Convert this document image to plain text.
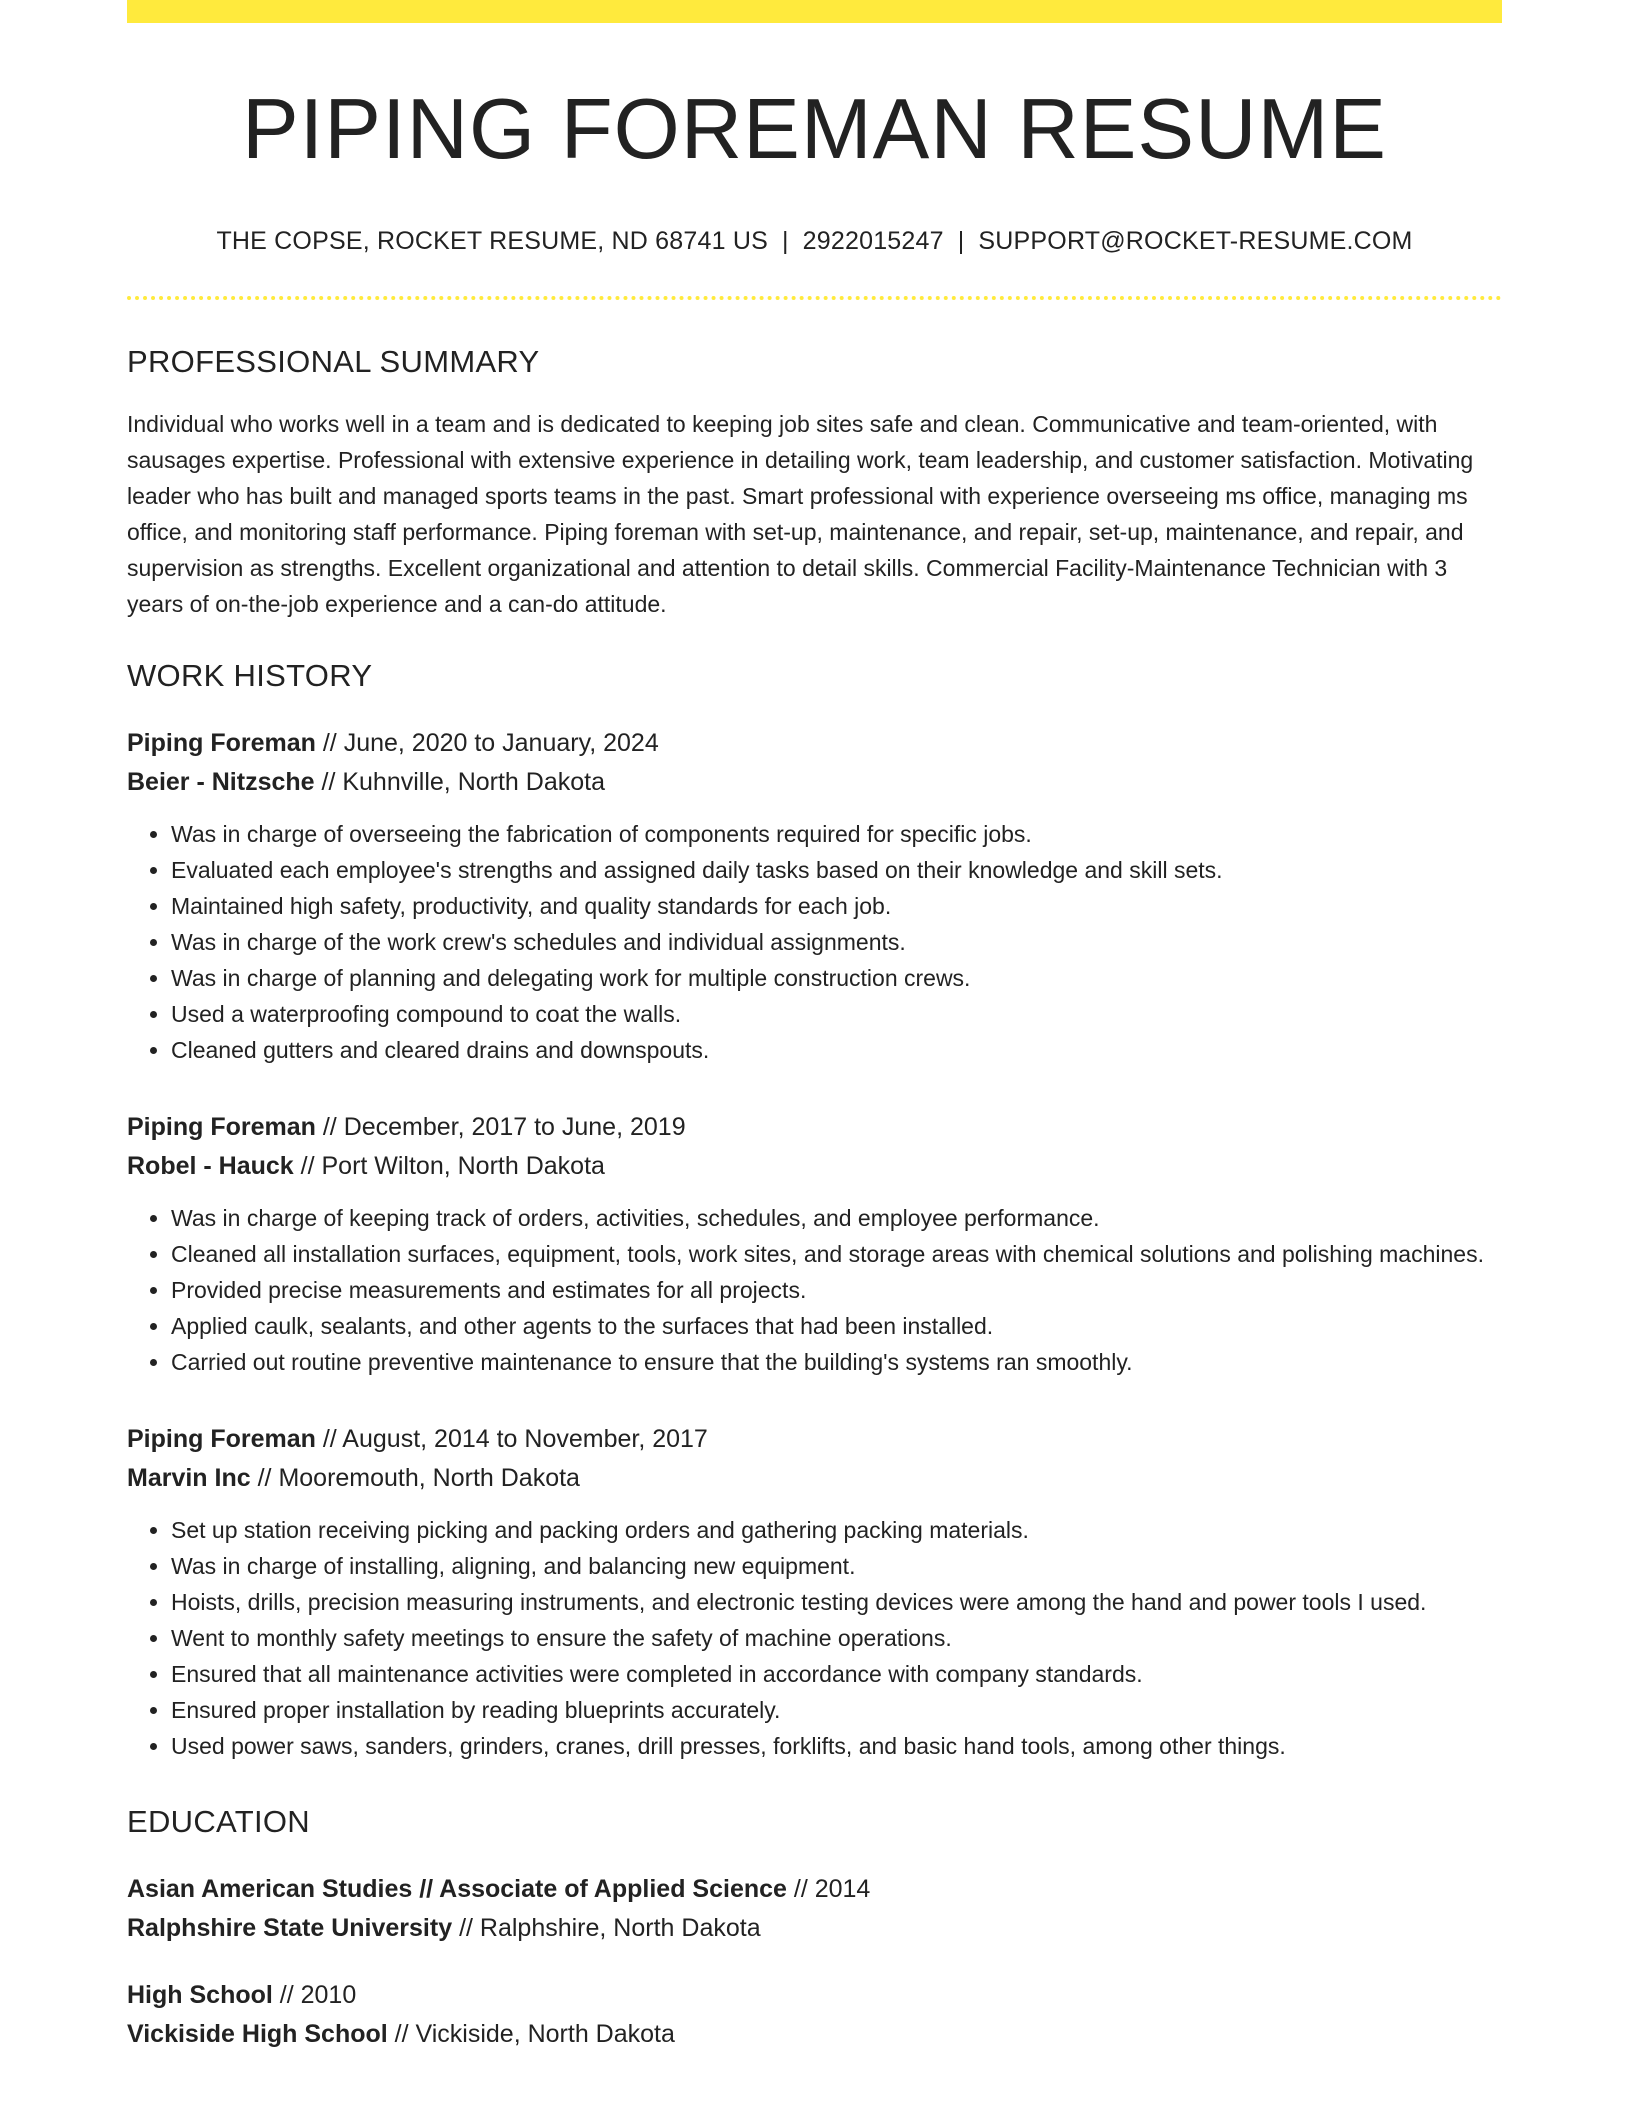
PIPING FOREMAN RESUME
THE COPSE, ROCKET RESUME, ND 68741 US | 2922015247 | SUPPORT@ROCKET-RESUME.COM
PROFESSIONAL SUMMARY
Individual who works well in a team and is dedicated to keeping job sites safe and clean. Communicative and team-oriented, with sausages expertise. Professional with extensive experience in detailing work, team leadership, and customer satisfaction. Motivating leader who has built and managed sports teams in the past. Smart professional with experience overseeing ms office, managing ms office, and monitoring staff performance. Piping foreman with set-up, maintenance, and repair, set-up, maintenance, and repair, and supervision as strengths. Excellent organizational and attention to detail skills. Commercial Facility-Maintenance Technician with 3 years of on-the-job experience and a can-do attitude.
WORK HISTORY
Piping Foreman // June, 2020 to January, 2024
Beier - Nitzsche // Kuhnville, North Dakota
• Was in charge of overseeing the fabrication of components required for specific jobs.
• Evaluated each employee's strengths and assigned daily tasks based on their knowledge and skill sets.
• Maintained high safety, productivity, and quality standards for each job.
• Was in charge of the work crew's schedules and individual assignments.
• Was in charge of planning and delegating work for multiple construction crews.
• Used a waterproofing compound to coat the walls.
• Cleaned gutters and cleared drains and downspouts.
Piping Foreman // December, 2017 to June, 2019
Robel - Hauck // Port Wilton, North Dakota
• Was in charge of keeping track of orders, activities, schedules, and employee performance.
• Cleaned all installation surfaces, equipment, tools, work sites, and storage areas with chemical solutions and polishing machines.
• Provided precise measurements and estimates for all projects.
• Applied caulk, sealants, and other agents to the surfaces that had been installed.
• Carried out routine preventive maintenance to ensure that the building's systems ran smoothly.
Piping Foreman // August, 2014 to November, 2017
Marvin Inc // Mooremouth, North Dakota
• Set up station receiving picking and packing orders and gathering packing materials.
• Was in charge of installing, aligning, and balancing new equipment.
• Hoists, drills, precision measuring instruments, and electronic testing devices were among the hand and power tools I used.
• Went to monthly safety meetings to ensure the safety of machine operations.
• Ensured that all maintenance activities were completed in accordance with company standards.
• Ensured proper installation by reading blueprints accurately.
• Used power saws, sanders, grinders, cranes, drill presses, forklifts, and basic hand tools, among other things.
EDUCATION
Asian American Studies // Associate of Applied Science // 2014
Ralphshire State University // Ralphshire, North Dakota
High School // 2010
Vickiside High School // Vickiside, North Dakota
